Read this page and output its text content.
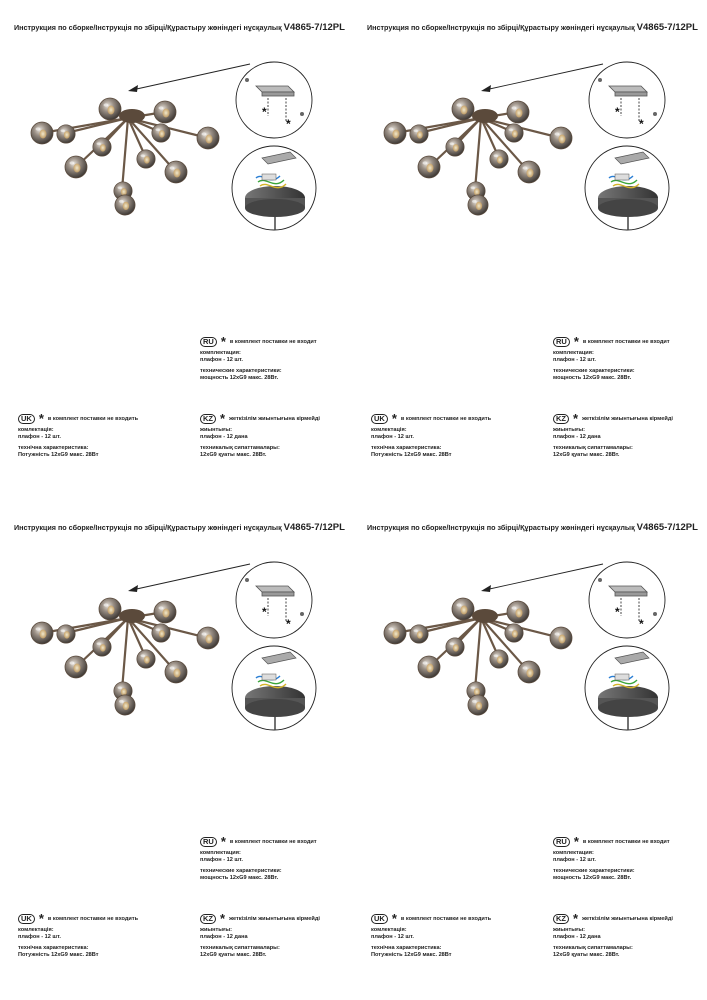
Инструкция по сборке/Інструкція по збірці/Құрастыру жөніндегі нұсқаулық V4865-7/12PL
*
*
RU * в комплект поставки не входит
комплектация:
плафон - 12 шт.
технические характеристики:
мощность 12xG9 макс. 28Вт.
UK * в комплект поставки не входить
комлектація:
плафон - 12 шт.
технічна характеристика:
Потужність 12xG9 макс. 28Вт
KZ * жеткізілім жиынтығына кірмейді
жиынтығы:
плафон - 12 дана
техникалық сипаттамалары:
12xG9 қуаты макс. 28Вт.
Инструкция по сборке/Інструкція по збірці/Құрастыру жөніндегі нұсқаулық V4865-7/12PL
*
*
RU * в комплект поставки не входит
комплектация:
плафон - 12 шт.
технические характеристики:
мощность 12xG9 макс. 28Вт.
UK * в комплект поставки не входить
комлектація:
плафон - 12 шт.
технічна характеристика:
Потужність 12xG9 макс. 28Вт
KZ * жеткізілім жиынтығына кірмейді
жиынтығы:
плафон - 12 дана
техникалық сипаттамалары:
12xG9 қуаты макс. 28Вт.
Инструкция по сборке/Інструкція по збірці/Құрастыру жөніндегі нұсқаулық V4865-7/12PL
*
*
RU * в комплект поставки не входит
комплектация:
плафон - 12 шт.
технические характеристики:
мощность 12xG9 макс. 28Вт.
UK * в комплект поставки не входить
комлектація:
плафон - 12 шт.
технічна характеристика:
Потужність 12xG9 макс. 28Вт
KZ * жеткізілім жиынтығына кірмейді
жиынтығы:
плафон - 12 дана
техникалық сипаттамалары:
12xG9 қуаты макс. 28Вт.
Инструкция по сборке/Інструкція по збірці/Құрастыру жөніндегі нұсқаулық V4865-7/12PL
*
*
RU * в комплект поставки не входит
комплектация:
плафон - 12 шт.
технические характеристики:
мощность 12xG9 макс. 28Вт.
UK * в комплект поставки не входить
комлектація:
плафон - 12 шт.
технічна характеристика:
Потужність 12xG9 макс. 28Вт
KZ * жеткізілім жиынтығына кірмейді
жиынтығы:
плафон - 12 дана
техникалық сипаттамалары:
12xG9 қуаты макс. 28Вт.
